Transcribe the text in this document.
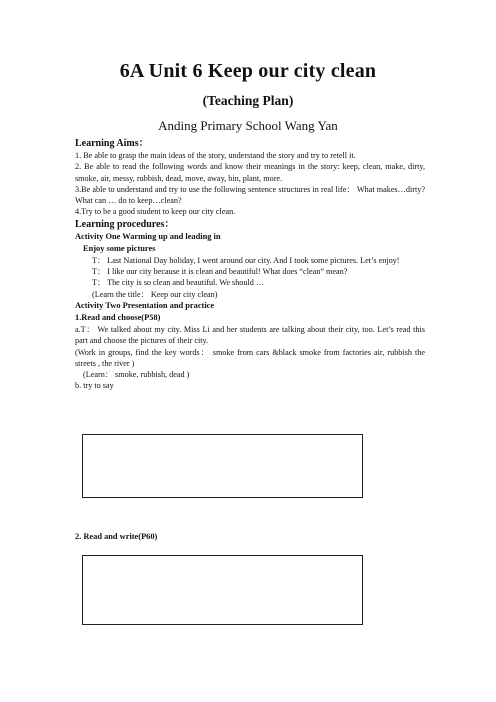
6A Unit 6 Keep our city clean
(Teaching Plan)
Anding Primary School Wang Yan
Learning Aims：
1. Be able to grasp the main ideas of the story, understand the story and try to retell it.
2. Be able to read the following words and know their meanings in the story: keep, clean, make, dirty, smoke, air, messy, rubbish, dead, move, away, bin, plant, more.
3.Be able to understand and try to use the following sentence structures in real life： What makes…dirty? What can … do to keep…clean?
4.Try to be a good student to keep our city clean.
Learning procedures：
Activity One Warming up and leading in
Enjoy some pictures
T： Last National Day holiday, I went around our city. And I took some pictures. Let’s enjoy!
T： I like our city because it is clean and beautiful! What does “clean” mean?
T： The city is so clean and beautiful. We should …
(Learn the title： Keep our city clean)
Activity Two Presentation and practice
1.Read and choose(P58)
a.T： We talked about my city. Miss Li and her students are talking about their city, too. Let’s read this part and choose the pictures of their city.
(Work in groups, find the key words： smoke from cars &black smoke from factories air, rubbish the streets , the river )
(Learn： smoke, rubbish, dead )
b. try to say
2. Read and write(P60)
